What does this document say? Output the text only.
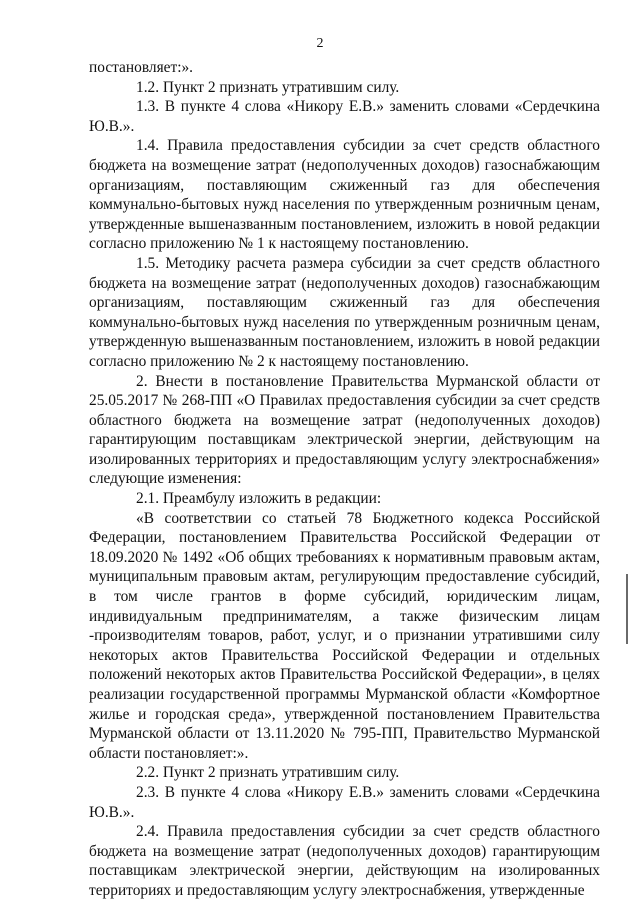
2

постановляет:».

1.2. Пункт 2 признать утратившим силу.

1.3. В пункте 4 слова «Никору Е.В.» заменить словами «Сердечкина Ю.В.».

1.4. Правила предоставления субсидии за счет средств областного бюджета на возмещение затрат (недополученных доходов) газоснабжающим организациям, поставляющим сжиженный газ для обеспечения коммунально-бытовых нужд населения по утвержденным розничным ценам, утвержденные вышеназванным постановлением, изложить в новой редакции согласно приложению № 1 к настоящему постановлению.

1.5. Методику расчета размера субсидии за счет средств областного бюджета на возмещение затрат (недополученных доходов) газоснабжающим организациям, поставляющим сжиженный газ для обеспечения коммунально-бытовых нужд населения по утвержденным розничным ценам, утвержденную вышеназванным постановлением, изложить в новой редакции согласно приложению № 2 к настоящему постановлению.

2. Внести в постановление Правительства Мурманской области от 25.05.2017 № 268-ПП «О Правилах предоставления субсидии за счет средств областного бюджета на возмещение затрат (недополученных доходов) гарантирующим поставщикам электрической энергии, действующим на изолированных территориях и предоставляющим услугу электроснабжения» следующие изменения:

2.1. Преамбулу изложить в редакции:

«В соответствии со статьей 78 Бюджетного кодекса Российской Федерации, постановлением Правительства Российской Федерации от 18.09.2020 № 1492 «Об общих требованиях к нормативным правовым актам, муниципальным правовым актам, регулирующим предоставление субсидий, в том числе грантов в форме субсидий, юридическим лицам, индивидуальным предпринимателям, а также физическим лицам -производителям товаров, работ, услуг, и о признании утратившими силу некоторых актов Правительства Российской Федерации и отдельных положений некоторых актов Правительства Российской Федерации», в целях реализации государственной программы Мурманской области «Комфортное жилье и городская среда», утвержденной постановлением Правительства Мурманской области от 13.11.2020 № 795-ПП, Правительство Мурманской области постановляет:».

2.2. Пункт 2 признать утратившим силу.

2.3. В пункте 4 слова «Никору Е.В.» заменить словами «Сердечкина Ю.В.».

2.4. Правила предоставления субсидии за счет средств областного бюджета на возмещение затрат (недополученных доходов) гарантирующим поставщикам электрической энергии, действующим на изолированных территориях и предоставляющим услугу электроснабжения, утвержденные
